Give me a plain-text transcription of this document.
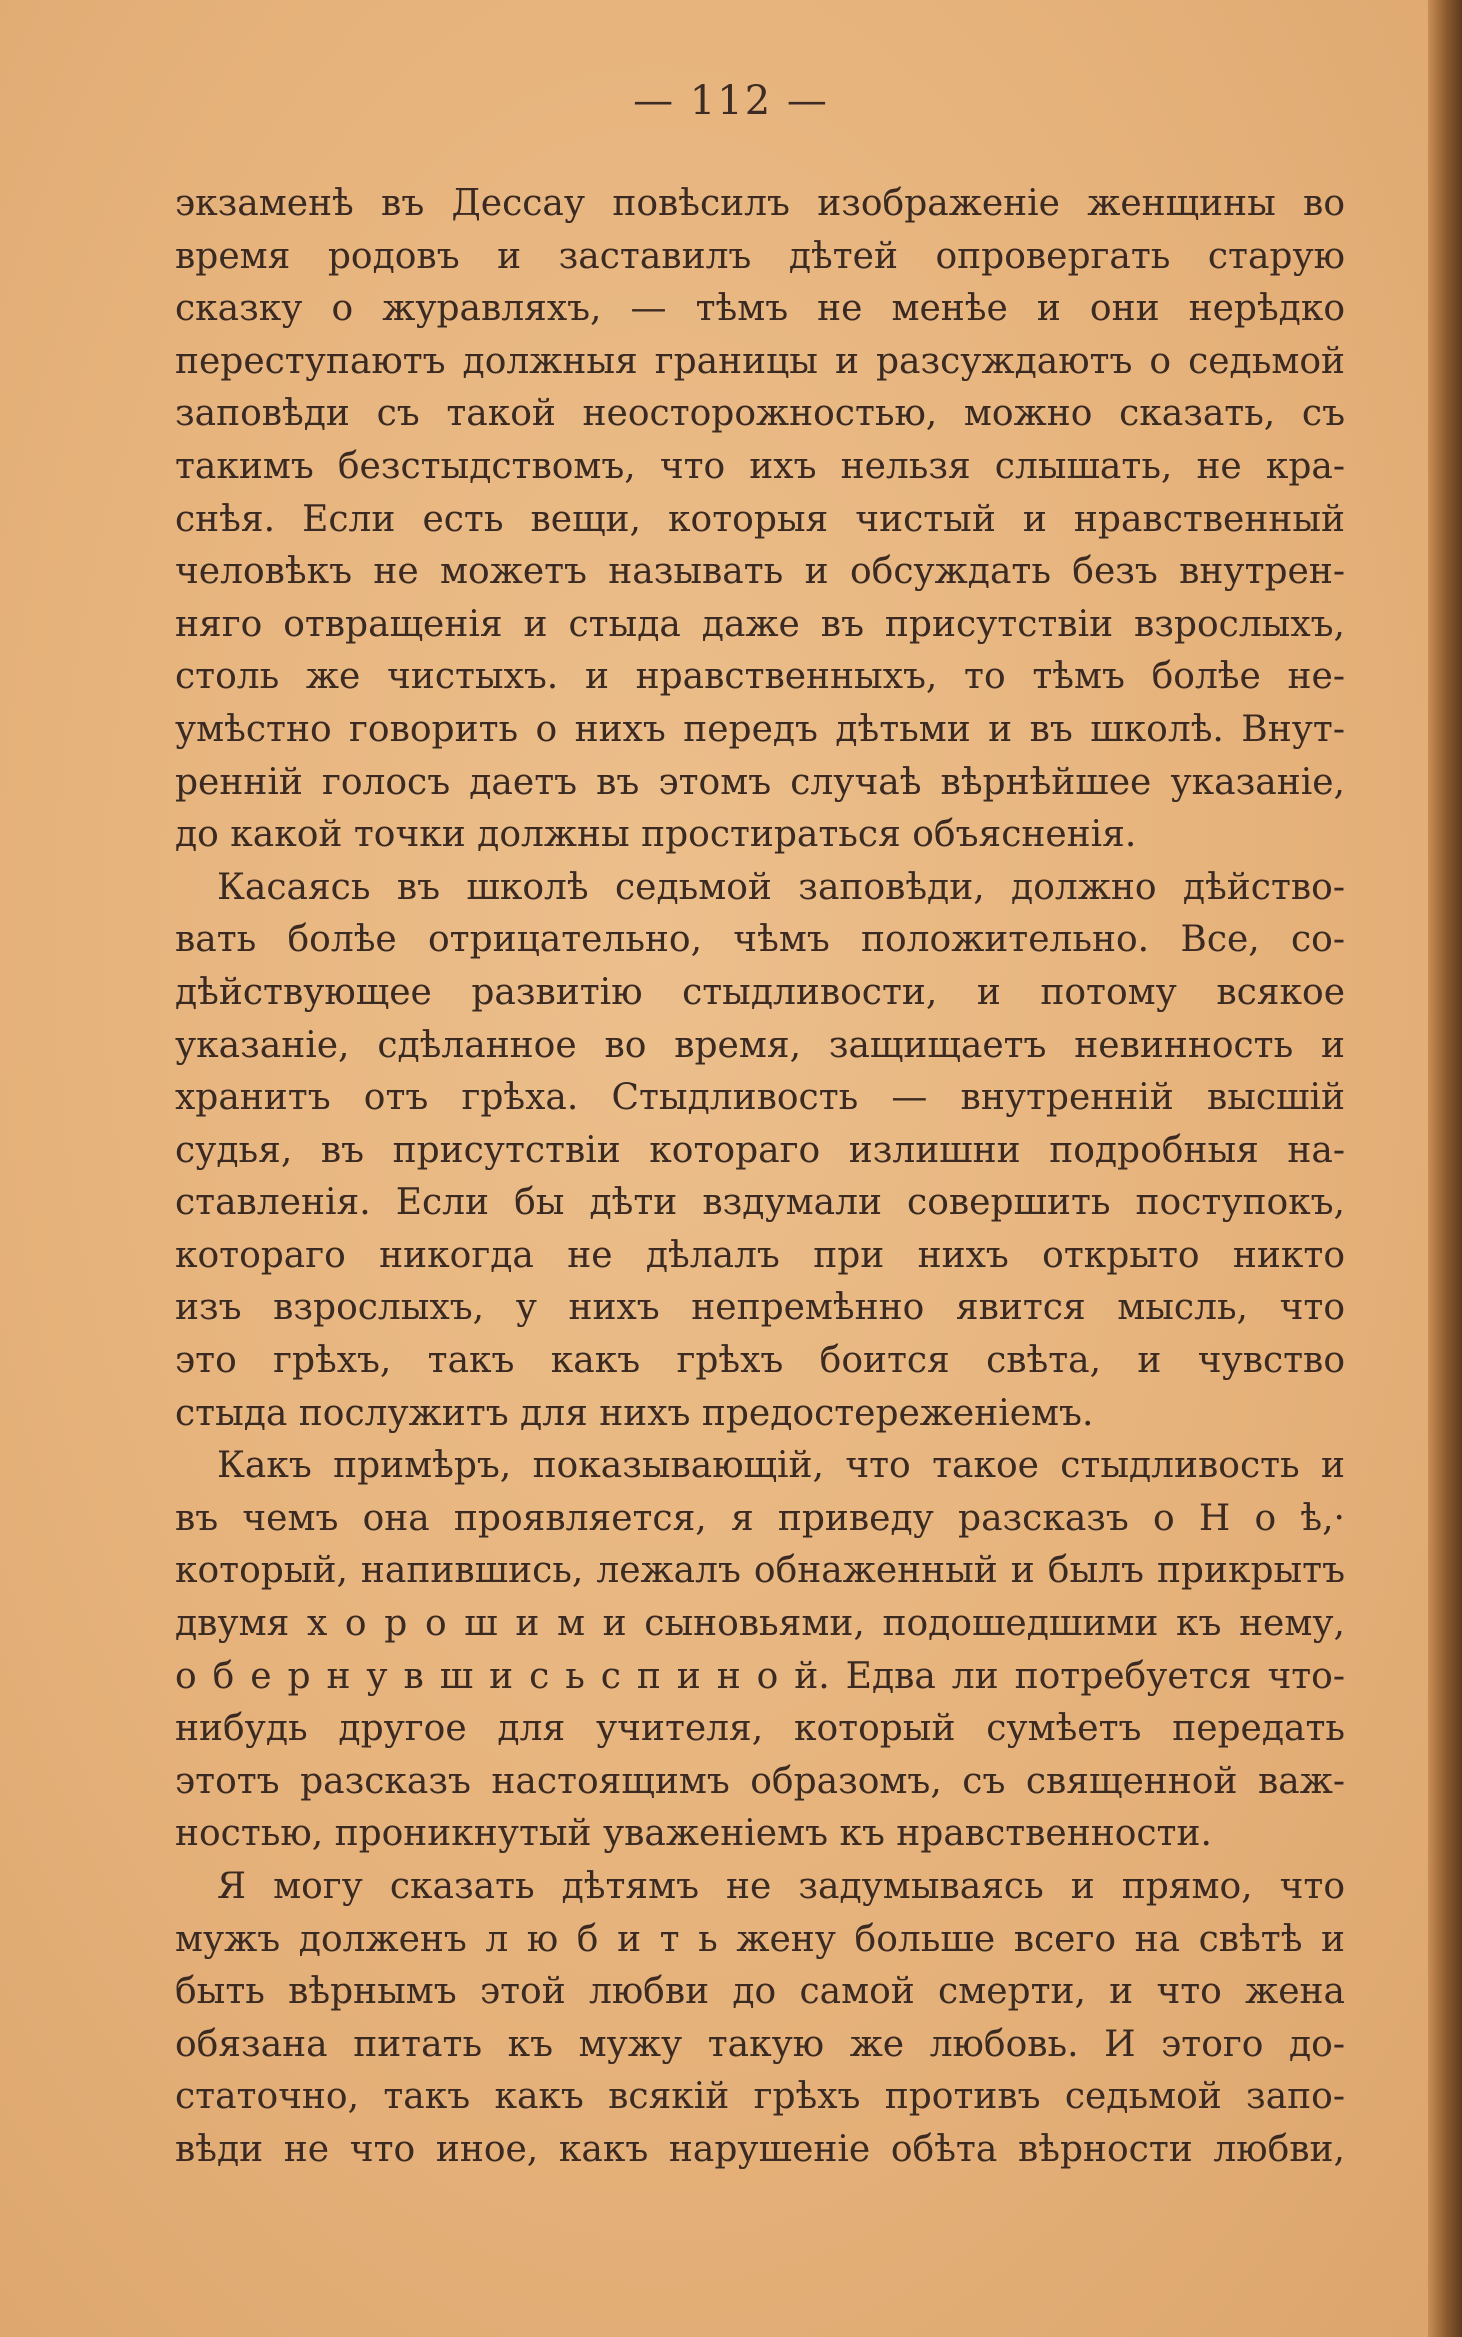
— 112 —
экзаменѣ въ Дессау повѣсилъ изображеніе женщины во
время родовъ и заставилъ дѣтей опровергать старую
сказку о журавляхъ, — тѣмъ не менѣе и они нерѣдко
переступаютъ должныя границы и разсуждаютъ о седьмой
заповѣди съ такой неосторожностью, можно сказать, съ
такимъ безстыдствомъ, что ихъ нельзя слышать, не кра-
снѣя. Если есть вещи, которыя чистый и нравственный
человѣкъ не можетъ называть и обсуждать безъ внутрен-
няго отвращенія и стыда даже въ присутствіи взрослыхъ,
столь же чистыхъ. и нравственныхъ, то тѣмъ болѣе не-
умѣстно говорить о нихъ передъ дѣтьми и въ школѣ. Внут-
ренній голосъ даетъ въ этомъ случаѣ вѣрнѣйшее указаніе,
до какой точки должны простираться объясненія.
Касаясь въ школѣ седьмой заповѣди, должно дѣйство-
вать болѣе отрицательно, чѣмъ положительно. Все, со-
дѣйствующее развитію стыдливости, и потому всякое
указаніе, сдѣланное во время, защищаетъ невинность и
хранитъ отъ грѣха. Стыдливость — внутренній высшій
судья, въ присутствіи котораго излишни подробныя на-
ставленія. Если бы дѣти вздумали совершить поступокъ,
котораго никогда не дѣлалъ при нихъ открыто никто
изъ взрослыхъ, у нихъ непремѣнно явится мысль, что
это грѣхъ, такъ какъ грѣхъ боится свѣта, и чувство
стыда послужитъ для нихъ предостереженіемъ.
Какъ примѣръ, показывающій, что такое стыдливость и
въ чемъ она проявляется, я приведу разсказъ о Н о ѣ,·
который, напившись, лежалъ обнаженный и былъ прикрытъ
двумя х о р о ш и м и сыновьями, подошедшими къ нему,
о б е р н у в ш и с ь с п и н о й. Едва ли потребуется что-
нибудь другое для учителя, который сумѣетъ передать
этотъ разсказъ настоящимъ образомъ, съ священной важ-
ностью, проникнутый уваженіемъ къ нравственности.
Я могу сказать дѣтямъ не задумываясь и прямо, что
мужъ долженъ л ю б и т ь жену больше всего на свѣтѣ и
быть вѣрнымъ этой любви до самой смерти, и что жена
обязана питать къ мужу такую же любовь. И этого до-
статочно, такъ какъ всякій грѣхъ противъ седьмой запо-
вѣди не что иное, какъ нарушеніе обѣта вѣрности любви,
